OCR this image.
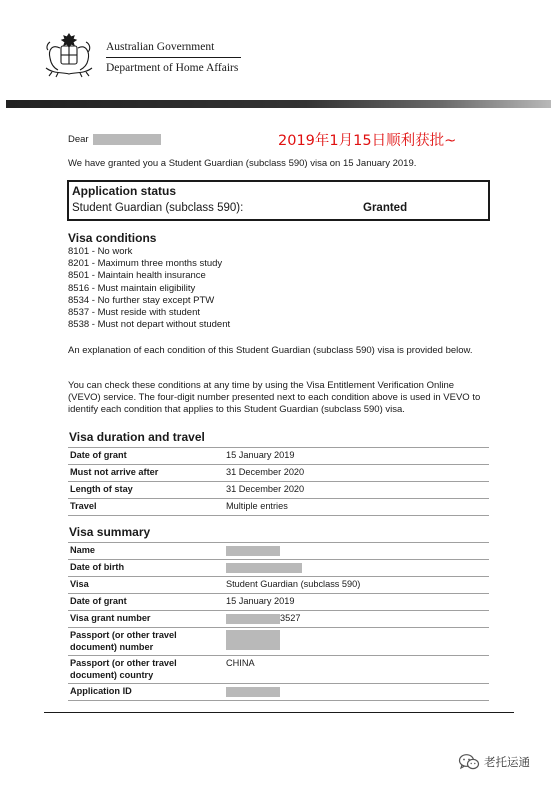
Australian Government
Department of Home Affairs
Dear	2019年1月15日顺利获批~
We have granted you a Student Guardian (subclass 590) visa on 15 January 2019.
Application status
Student Guardian (subclass 590):	Granted
Visa conditions
8101 - No work
8201 - Maximum three months study
8501 - Maintain health insurance
8516 - Must maintain eligibility
8534 - No further stay except PTW
8537 - Must reside with student
8538 - Must not depart without student
An explanation of each condition of this Student Guardian (subclass 590) visa is provided below.
You can check these conditions at any time by using the Visa Entitlement Verification Online (VEVO) service. The four-digit number presented next to each condition above is used in VEVO to identify each condition that applies to this Student Guardian (subclass 590) visa.
Visa duration and travel
Date of grant	15 January 2019
Must not arrive after	31 December 2020
Length of stay	31 December 2020
Travel	Multiple entries
Visa summary
Name	
Date of birth	
Visa	Student Guardian (subclass 590)
Date of grant	15 January 2019
Visa grant number	3527
Passport (or other travel document) number	
Passport (or other travel document) country	CHINA
Application ID	
老托运通
